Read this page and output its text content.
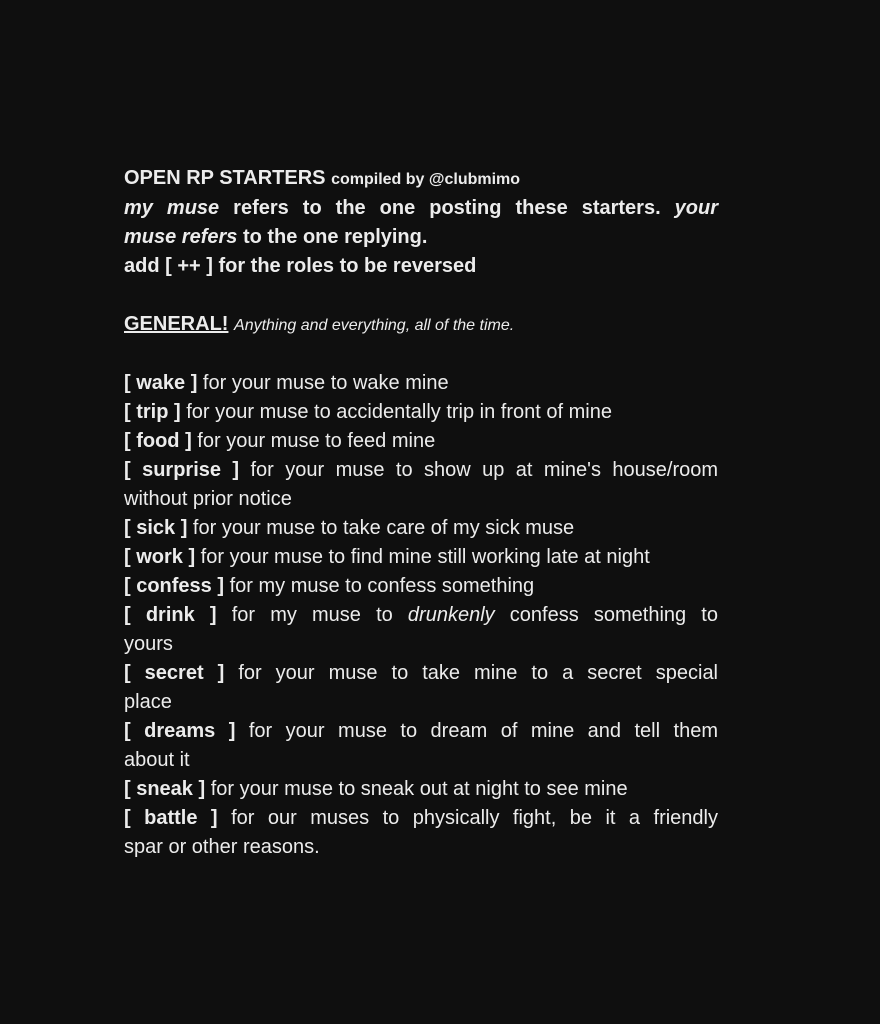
OPEN RP STARTERS compiled by @clubmimo
my muse refers to the one posting these starters. your
muse refers to the one replying.
add [ ++ ] for the roles to be reversed
GENERAL! Anything and everything, all of the time.
[ wake ] for your muse to wake mine
[ trip ] for your muse to accidentally trip in front of mine
[ food ] for your muse to feed mine
[ surprise ] for your muse to show up at mine's house/room
without prior notice
[ sick ] for your muse to take care of my sick muse
[ work ] for your muse to find mine still working late at night
[ confess ] for my muse to confess something
[ drink ] for my muse to drunkenly confess something to
yours
[ secret ] for your muse to take mine to a secret special
place
[ dreams ] for your muse to dream of mine and tell them
about it
[ sneak ] for your muse to sneak out at night to see mine
[ battle ] for our muses to physically fight, be it a friendly
spar or other reasons.
